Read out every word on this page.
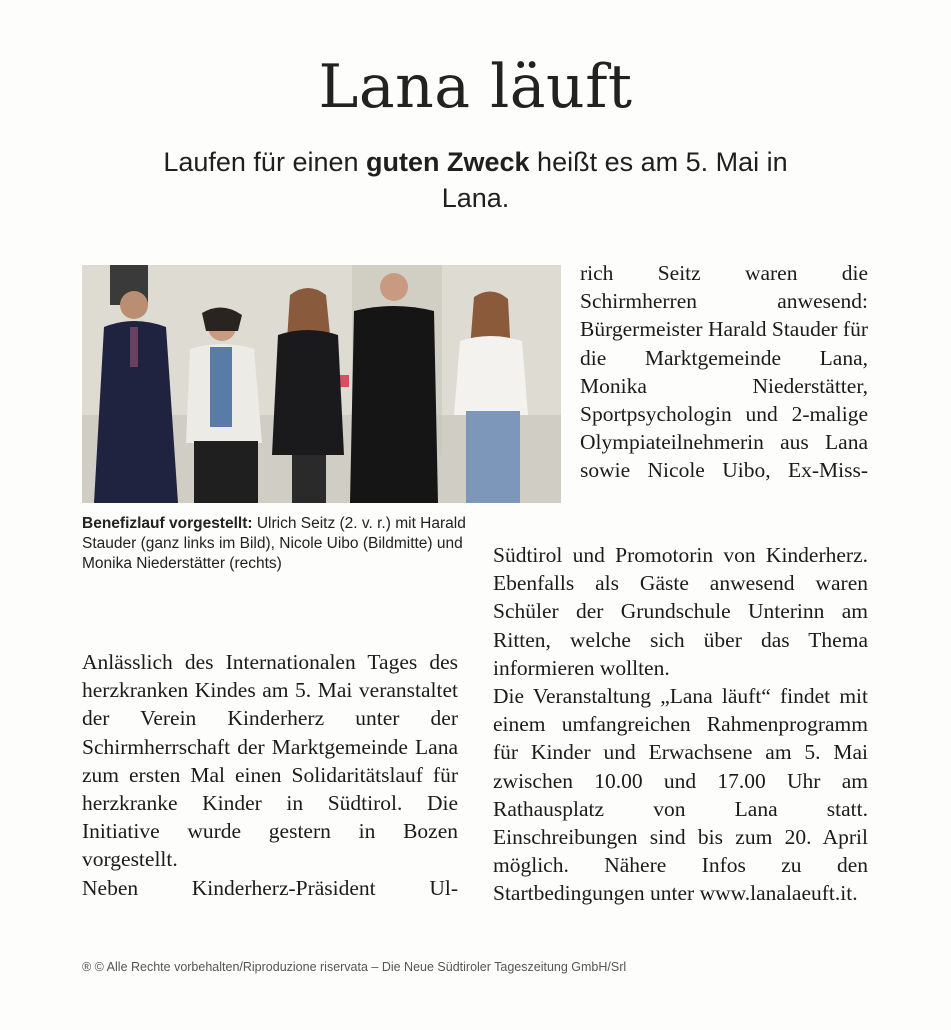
Lana läuft
Laufen für einen guten Zweck heißt es am 5. Mai in Lana.
Benefizlauf vorgestellt: Ulrich Seitz (2. v. r.) mit Harald Stauder (ganz links im Bild), Nicole Uibo (Bildmitte) und Monika Niederstätter (rechts)

Anlässlich des Internationalen Tages des herzkranken Kindes am 5. Mai veranstaltet der Verein Kinderherz unter der Schirmherrschaft der Marktgemeinde Lana zum ersten Mal einen Solidaritätslauf für herzkranke Kinder in Südtirol. Die Initiative wurde gestern in Bozen vorgestellt.

Neben Kinderherz-Präsident Ul-

rich Seitz waren die Schirmherren anwesend: Bürgermeister Harald Stauder für die Marktgemeinde Lana, Monika Niederstätter, Sportpsychologin und 2-malige Olympiateilnehmerin aus Lana sowie Nicole Uibo, Ex-Miss-

Südtirol und Promotorin von Kinderherz. Ebenfalls als Gäste anwesend waren Schüler der Grundschule Unterinn am Ritten, welche sich über das Thema informieren wollten.

Die Veranstaltung „Lana läuft“ findet mit einem umfangreichen Rahmenprogramm für Kinder und Erwachsene am 5. Mai zwischen 10.00 und 17.00 Uhr am Rathausplatz von Lana statt. Einschreibungen sind bis zum 20. April möglich. Nähere Infos zu den Startbedingungen unter www.lanalaeuft.it.

® © Alle Rechte vorbehalten/Riproduzione riservata – Die Neue Südtiroler Tageszeitung GmbH/Srl
